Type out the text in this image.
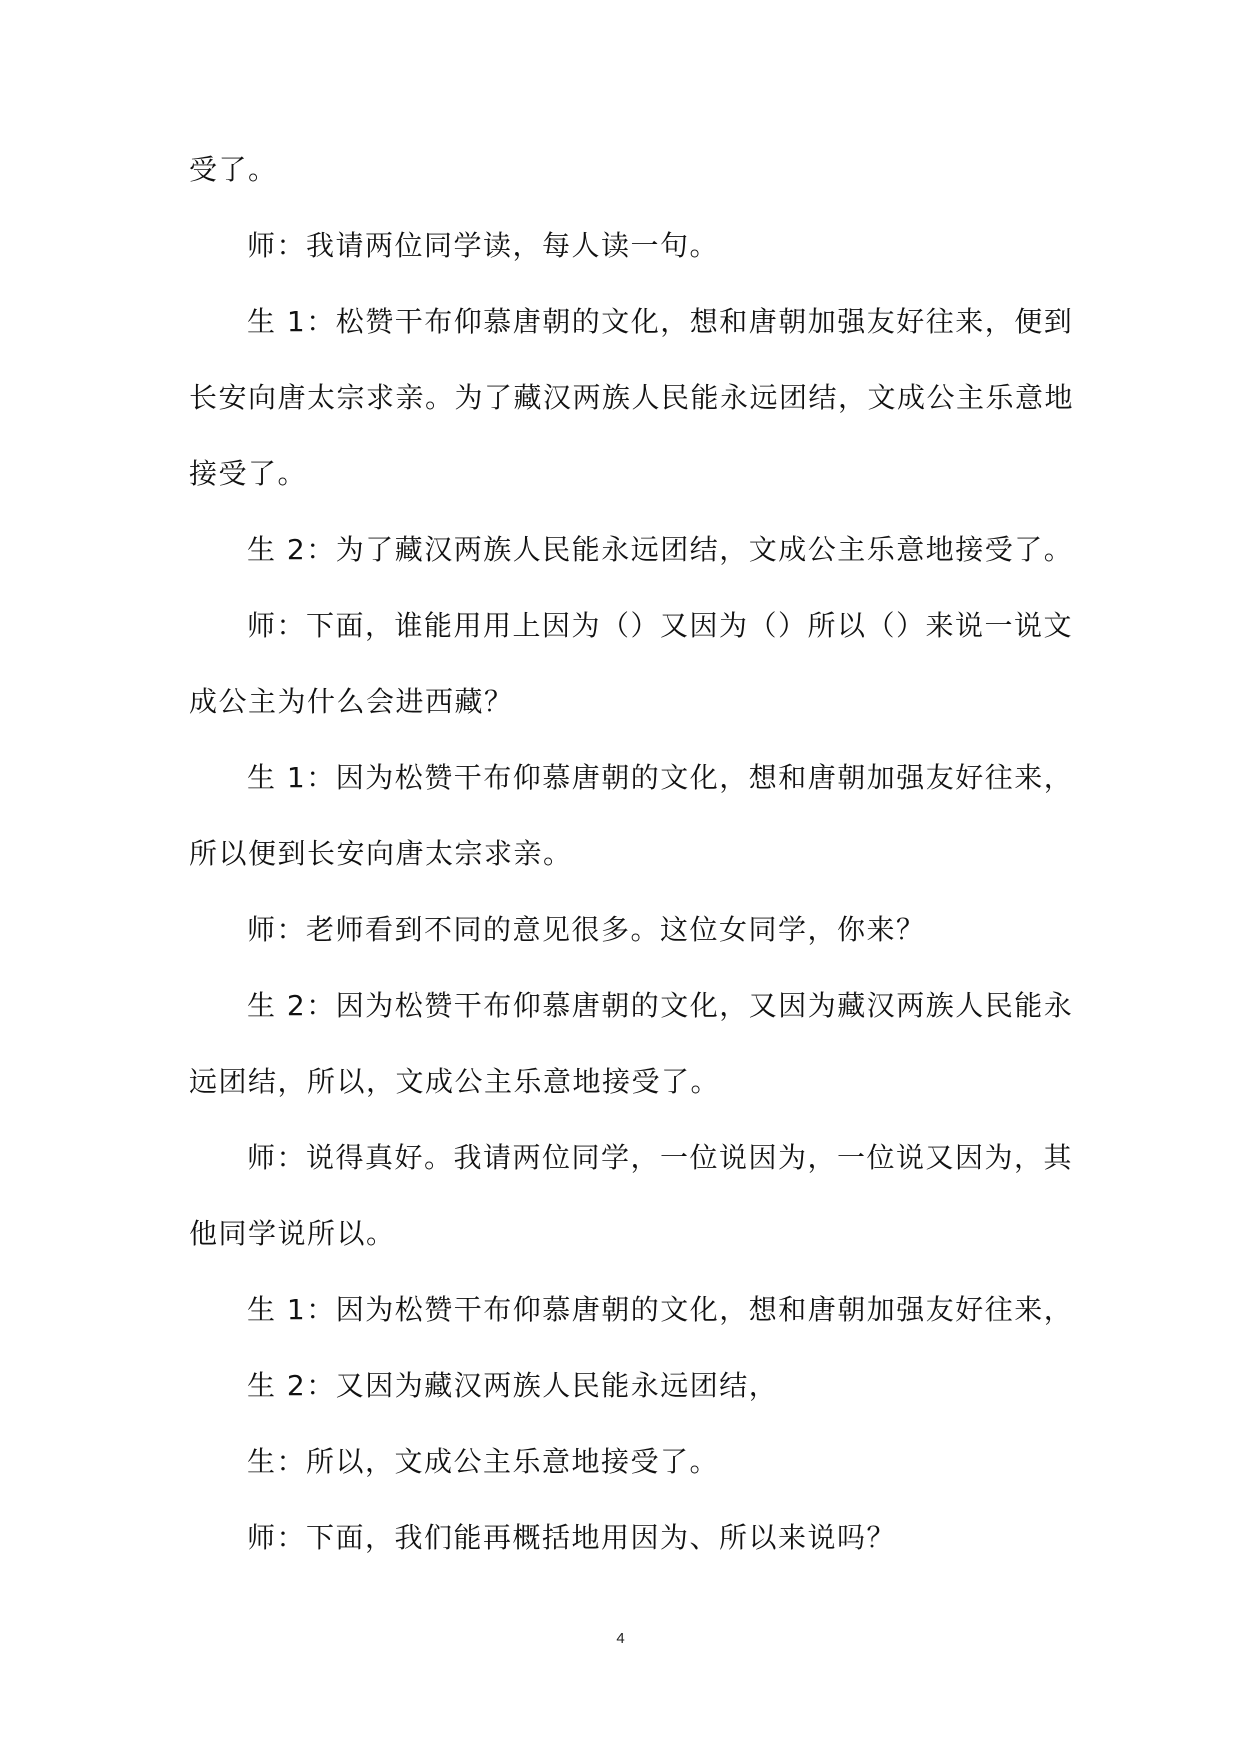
受了。
师：我请两位同学读，每人读一句。
生 1：松赞干布仰慕唐朝的文化，想和唐朝加强友好往来，便到
长安向唐太宗求亲。为了藏汉两族人民能永远团结，文成公主乐意地
接受了。
生 2：为了藏汉两族人民能永远团结，文成公主乐意地接受了。
师：下面，谁能用用上因为（）又因为（）所以（）来说一说文
成公主为什么会进西藏？
生 1：因为松赞干布仰慕唐朝的文化，想和唐朝加强友好往来，
所以便到长安向唐太宗求亲。
师：老师看到不同的意见很多。这位女同学，你来？
生 2：因为松赞干布仰慕唐朝的文化，又因为藏汉两族人民能永
远团结，所以，文成公主乐意地接受了。
师：说得真好。我请两位同学，一位说因为，一位说又因为，其
他同学说所以。
生 1：因为松赞干布仰慕唐朝的文化，想和唐朝加强友好往来，
生 2：又因为藏汉两族人民能永远团结，
生：所以，文成公主乐意地接受了。
师：下面，我们能再概括地用因为、所以来说吗？
4
